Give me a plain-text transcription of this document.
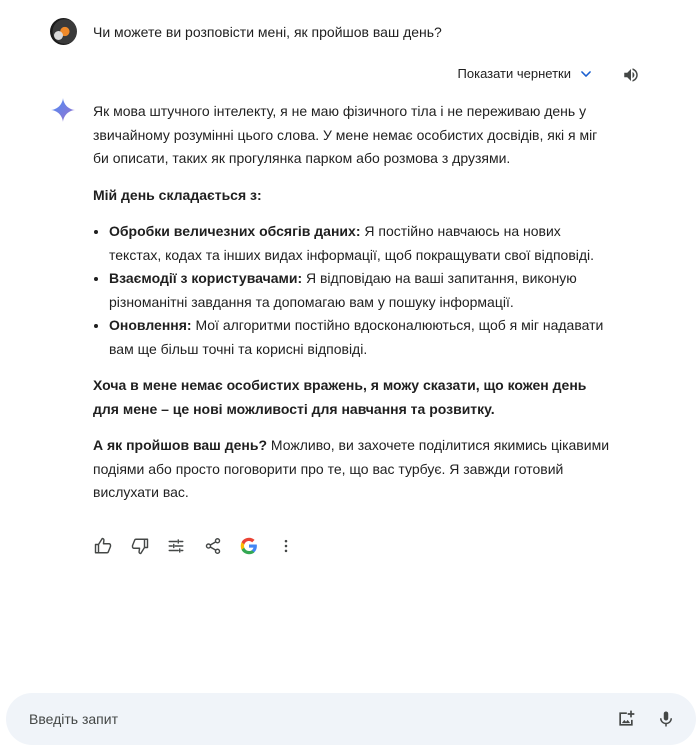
Чи можете ви розповісти мені, як пройшов ваш день?
Показати чернетки

Як мова штучного інтелекту, я не маю фізичного тіла і не переживаю день у звичайному розумінні цього слова. У мене немає особистих досвідів, які я міг би описати, таких як прогулянка парком або розмова з друзями.

Мій день складається з:

• Обробки величезних обсягів даних: Я постійно навчаюсь на нових текстах, кодах та інших видах інформації, щоб покращувати свої відповіді.
• Взаємодії з користувачами: Я відповідаю на ваші запитання, виконую різноманітні завдання та допомагаю вам у пошуку інформації.
• Оновлення: Мої алгоритми постійно вдосконалюються, щоб я міг надавати вам ще більш точні та корисні відповіді.

Хоча в мене немає особистих вражень, я можу сказати, що кожен день для мене – це нові можливості для навчання та розвитку.

А як пройшов ваш день? Можливо, ви захочете поділитися якимись цікавими подіями або просто поговорити про те, що вас турбує. Я завжди готовий вислухати вас.

Введіть запит
